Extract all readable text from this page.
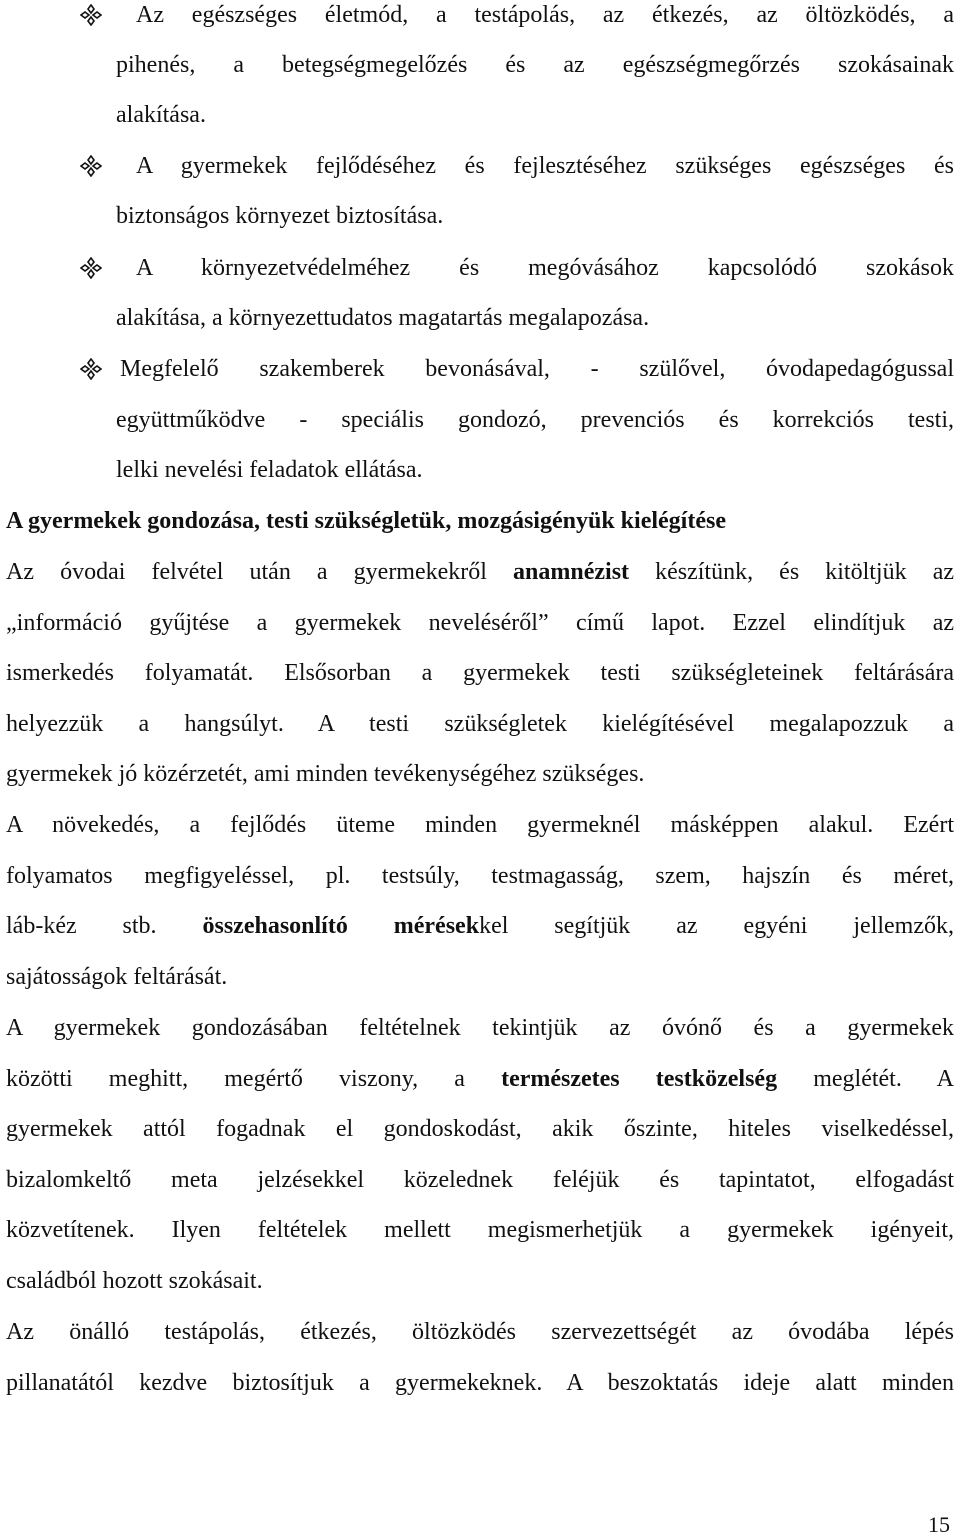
Az egészséges életmód, a testápolás, az étkezés, az öltözködés, a
pihenés, a betegségmegelőzés és az egészségmegőrzés szokásainak
alakítása.
A gyermekek fejlődéséhez és fejlesztéséhez szükséges egészséges és
biztonságos környezet biztosítása.
A környezetvédelméhez és megóvásához kapcsolódó szokások
alakítása, a környezettudatos magatartás megalapozása.
Megfelelő szakemberek bevonásával, - szülővel, óvodapedagógussal
együttműködve - speciális gondozó, prevenciós és korrekciós testi,
lelki nevelési feladatok ellátása.
A gyermekek gondozása, testi szükségletük, mozgásigényük kielégítése
Az óvodai felvétel után a gyermekekről anamnézist készítünk, és kitöltjük az
„információ gyűjtése a gyermekek neveléséről” című lapot. Ezzel elindítjuk az
ismerkedés folyamatát. Elsősorban a gyermekek testi szükségleteinek feltárására
helyezzük a hangsúlyt. A testi szükségletek kielégítésével megalapozzuk a
gyermekek jó közérzetét, ami minden tevékenységéhez szükséges.
A növekedés, a fejlődés üteme minden gyermeknél másképpen alakul. Ezért
folyamatos megfigyeléssel, pl. testsúly, testmagasság, szem, hajszín és méret,
láb-kéz stb. összehasonlító mérésekkel segítjük az egyéni jellemzők,
sajátosságok feltárását.
A gyermekek gondozásában feltételnek tekintjük az óvónő és a gyermekek
közötti meghitt, megértő viszony, a természetes testközelség meglétét. A
gyermekek attól fogadnak el gondoskodást, akik őszinte, hiteles viselkedéssel,
bizalomkeltő meta jelzésekkel közelednek feléjük és tapintatot, elfogadást
közvetítenek. Ilyen feltételek mellett megismerhetjük a gyermekek igényeit,
családból hozott szokásait.
Az önálló testápolás, étkezés, öltözködés szervezettségét az óvodába lépés
pillanatától kezdve biztosítjuk a gyermekeknek. A beszoktatás ideje alatt minden
15
